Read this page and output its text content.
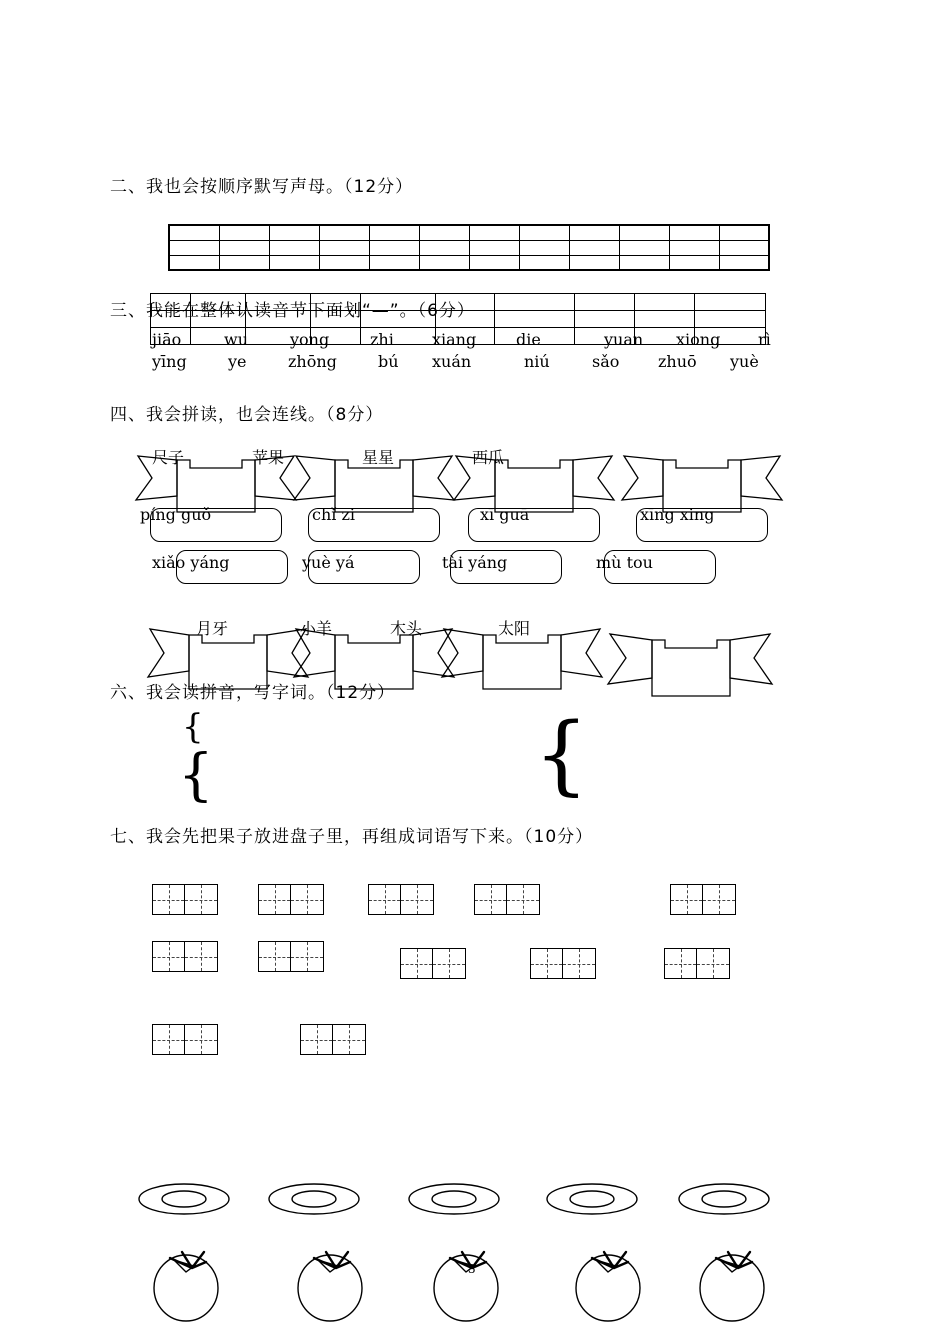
二、我也会按顺序默写声母。（12分）

三、我能在整体认读音节下面划“—”。（6分）
jiāo	wu	yong	zhi xiang die	yuan xiong rì
yīng	ye	zhōng	bú xuán	niú	sǎo zhuō yuè
四、我会拼读，也会连线。（8分）
尺子	苹果	星星	西瓜
píng guǒ	chǐ zi	xī guā	xīng xing
xiǎo yáng	yuè yá	tài yáng	mù tou
月牙	小羊	木头	太阳
六、我会读拼音，写字词。（12分）
{
{	{
七、我会先把果子放进盘子里，再组成词语写下来。（10分）
3
